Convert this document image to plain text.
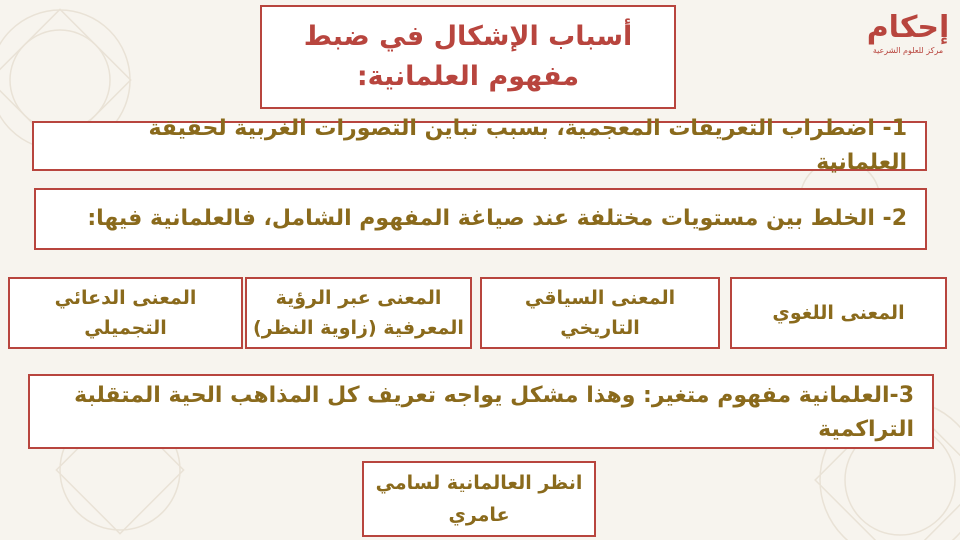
إحكام
مركز للعلوم الشرعية
أسباب الإشكال في ضبط مفهوم العلمانية:
1- اضطراب التعريفات المعجمية، بسبب تباين التصورات الغربية لحقيقة العلمانية
2- الخلط بين مستويات مختلفة عند صياغة المفهوم الشامل، فالعلمانية فيها:
المعنى اللغوي
المعنى السياقي التاريخي
المعنى عبر الرؤية المعرفية (زاوية النظر)
المعنى الدعائي التجميلي
3-العلمانية مفهوم متغير: وهذا مشكل يواجه تعريف كل المذاهب الحية المتقلبة التراكمية
انظر العالمانية لسامي عامري
